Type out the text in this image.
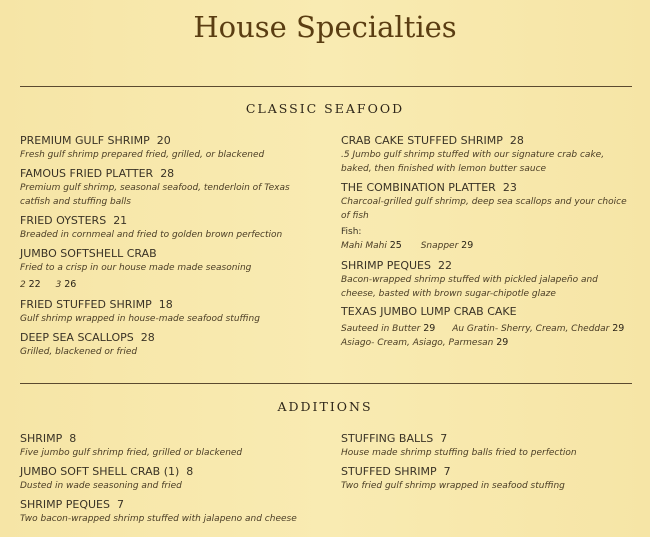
House Specialties
CLASSIC SEAFOOD
PREMIUM GULF SHRIMP 20
Fresh gulf shrimp prepared fried, grilled, or blackened
FAMOUS FRIED PLATTER 28
Premium gulf shrimp, seasonal seafood, tenderloin of Texas catfish and stuffing balls
FRIED OYSTERS 21
Breaded in cornmeal and fried to golden brown perfection
JUMBO SOFTSHELL CRAB
Fried to a crisp in our house made made seasoning
2 22 3 26
FRIED STUFFED SHRIMP 18
Gulf shrimp wrapped in house-made seafood stuffing
DEEP SEA SCALLOPS 28
Grilled, blackened or fried
CRAB CAKE STUFFED SHRIMP 28
.5 Jumbo gulf shrimp stuffed with our signature crab cake, baked, then finished with lemon butter sauce
THE COMBINATION PLATTER 23
Charcoal-grilled gulf shrimp, deep sea scallops and your choice of fish
Fish:
Mahi Mahi 25 Snapper 29
SHRIMP PEQUES 22
Bacon-wrapped shrimp stuffed with pickled jalapeño and cheese, basted with brown sugar-chipotle glaze
TEXAS JUMBO LUMP CRAB CAKE
Sauteed in Butter 29 Au Gratin- Sherry, Cream, Cheddar 29
Asiago- Cream, Asiago, Parmesan 29
ADDITIONS
SHRIMP 8
Five jumbo gulf shrimp fried, grilled or blackened
JUMBO SOFT SHELL CRAB (1) 8
Dusted in wade seasoning and fried
SHRIMP PEQUES 7
Two bacon-wrapped shrimp stuffed with jalapeno and cheese
STUFFING BALLS 7
House made shrimp stuffing balls fried to perfection
STUFFED SHRIMP 7
Two fried gulf shrimp wrapped in seafood stuffing
